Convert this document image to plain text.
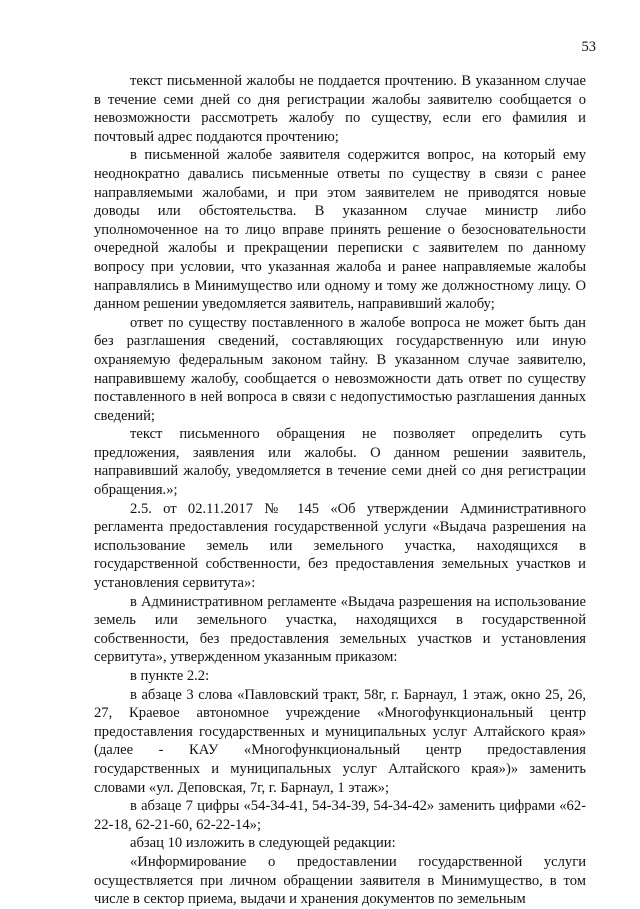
53

текст письменной жалобы не поддается прочтению. В указанном случае в течение семи дней со дня регистрации жалобы заявителю сообщается о невозможности рассмотреть жалобу по существу, если его фамилия и почтовый адрес поддаются прочтению;

в письменной жалобе заявителя содержится вопрос, на который ему неоднократно давались письменные ответы по существу в связи с ранее направляемыми жалобами, и при этом заявителем не приводятся новые доводы или обстоятельства. В указанном случае министр либо уполномоченное на то лицо вправе принять решение о безосновательности очередной жалобы и прекращении переписки с заявителем по данному вопросу при условии, что указанная жалоба и ранее направляемые жалобы направлялись в Минимущество или одному и тому же должностному лицу. О данном решении уведомляется заявитель, направивший жалобу;

ответ по существу поставленного в жалобе вопроса не может быть дан без разглашения сведений, составляющих государственную или иную охраняемую федеральным законом тайну. В указанном случае заявителю, направившему жалобу, сообщается о невозможности дать ответ по существу поставленного в ней вопроса в связи с недопустимостью разглашения данных сведений;

текст письменного обращения не позволяет определить суть предложения, заявления или жалобы. О данном решении заявитель, направивший жалобу, уведомляется в течение семи дней со дня регистрации обращения.»;

2.5. от 02.11.2017 № 145 «Об утверждении Административного регламента предоставления государственной услуги «Выдача разрешения на использование земель или земельного участка, находящихся в государственной собственности, без предоставления земельных участков и установления сервитута»:

в Административном регламенте «Выдача разрешения на использование земель или земельного участка, находящихся в государственной собственности, без предоставления земельных участков и установления сервитута», утвержденном указанным приказом:

в пункте 2.2:

в абзаце 3 слова «Павловский тракт, 58г, г. Барнаул, 1 этаж, окно 25, 26, 27, Краевое автономное учреждение «Многофункциональный центр предоставления государственных и муниципальных услуг Алтайского края» (далее - КАУ «Многофункциональный центр предоставления государственных и муниципальных услуг Алтайского края»)» заменить словами «ул. Деповская, 7г, г. Барнаул, 1 этаж»;

в абзаце 7 цифры «54-34-41, 54-34-39, 54-34-42» заменить цифрами «62-22-18, 62-21-60, 62-22-14»;

абзац 10 изложить в следующей редакции:

«Информирование о предоставлении государственной услуги осуществляется при личном обращении заявителя в Минимущество, в том числе в сектор приема, выдачи и хранения документов по земельным
